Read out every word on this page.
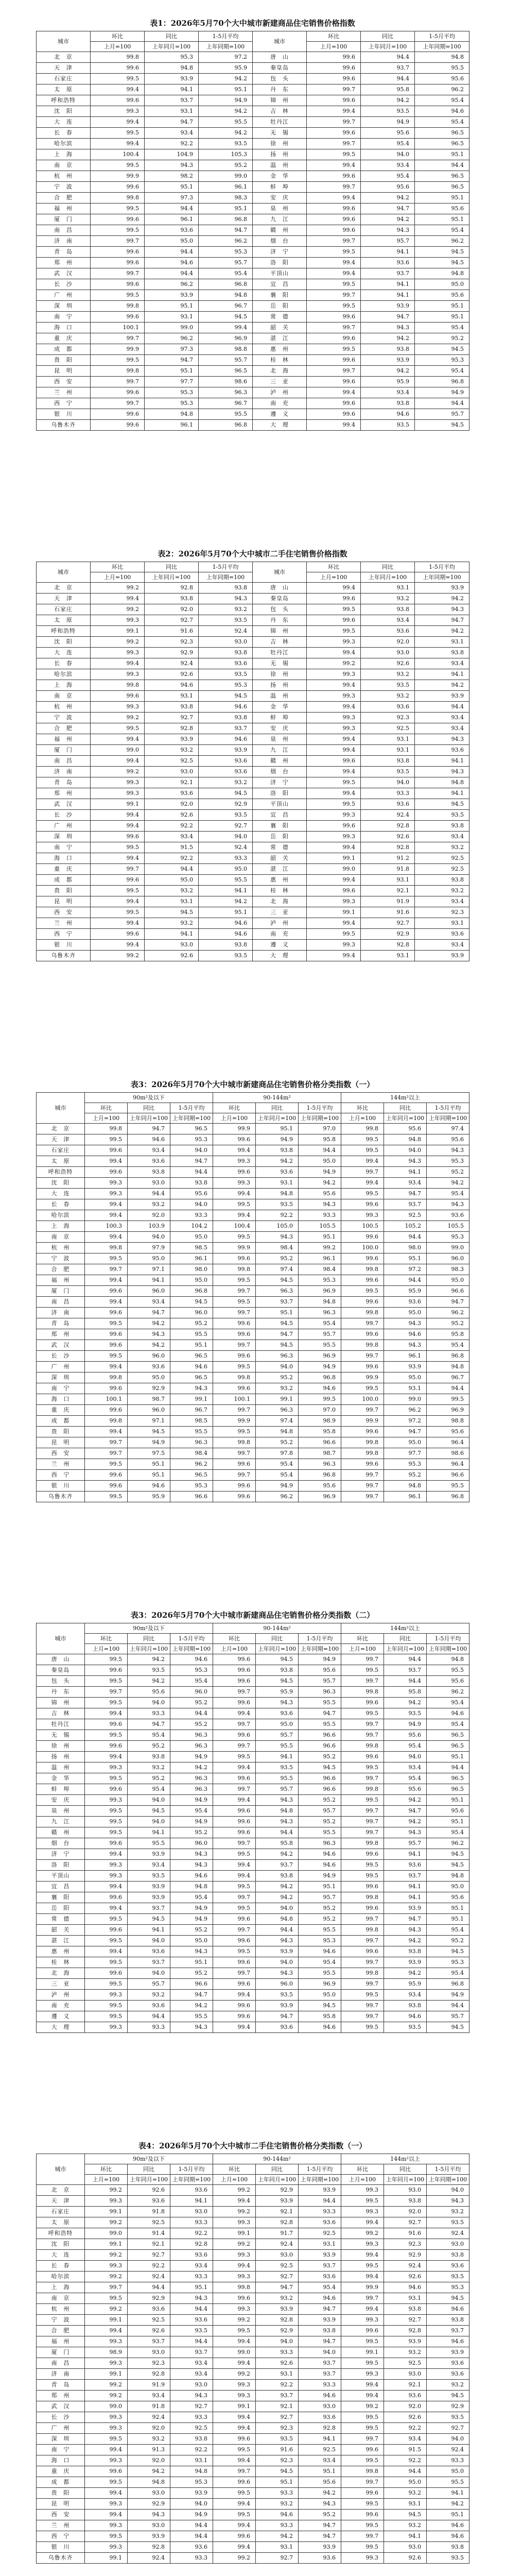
表1：2026年5月70个大中城市新建商品住宅销售价格指数
城市	环比	同比	1-5月平均	城市	环比	同比	1-5月平均
	上月=100	上年同月=100	上年同期=100		上月=100	上年同月=100	上年同期=100

北　京	99.8	95.3	97.2	唐　山	99.6	94.4	94.8
天　津	99.6	94.8	95.9	秦皇岛	99.6	93.7	95.5
石家庄	99.5	93.9	94.2	包　头	99.6	94.4	95.6
太　原	99.4	94.1	95.1	丹　东	99.7	95.8	96.2
呼和浩特	99.6	93.7	94.9	锦　州	99.6	94.2	95.4
沈　阳	99.3	93.1	94.2	吉　林	99.4	93.5	94.6
大　连	99.4	94.7	95.5	牡丹江	99.7	94.9	95.4
长　春	99.5	93.4	94.2	无　锡	99.6	95.6	96.5
哈尔滨	99.4	92.2	93.5	徐　州	99.7	95.4	96.5
上　海	100.4	104.9	105.3	扬　州	99.5	94.0	95.1
南　京	99.5	94.3	95.2	温　州	99.4	93.4	94.4
杭　州	99.9	98.2	99.0	金　华	99.6	95.4	96.5
宁　波	99.6	95.1	96.1	蚌　埠	99.7	95.6	96.5
合　肥	99.8	97.3	98.3	安　庆	99.4	94.2	95.1
福　州	99.5	94.4	95.1	泉　州	99.6	94.7	95.6
厦　门	99.6	96.1	96.8	九　江	99.6	94.2	95.1
南　昌	99.5	93.6	94.7	赣　州	99.6	94.3	95.4
济　南	99.7	95.0	96.2	烟　台	99.7	95.7	96.2
青　岛	99.6	94.4	95.3	济　宁	99.5	94.1	94.5
郑　州	99.6	94.6	95.7	洛　阳	99.4	93.6	94.5
武　汉	99.7	94.4	95.4	平顶山	99.4	93.7	94.8
长　沙	99.6	96.2	96.8	宜　昌	99.5	94.1	95.0
广　州	99.5	93.9	94.8	襄　阳	99.7	94.1	95.6
深　圳	99.8	95.1	96.7	岳　阳	99.5	93.9	95.1
南　宁	99.6	93.1	94.5	常　德	99.6	94.7	95.1
海　口	100.1	99.0	99.4	韶　关	99.7	94.3	95.4
重　庆	99.7	96.2	96.9	湛　江	99.6	94.2	95.2
成　都	99.9	97.3	98.8	惠　州	99.5	93.8	94.5
贵　阳	99.5	94.7	95.7	桂　林	99.6	93.9	95.3
昆　明	99.8	95.1	96.5	北　海	99.7	94.2	95.4
西　安	99.7	97.7	98.6	三　亚	99.6	95.9	96.8
兰　州	99.6	95.3	96.3	泸　州	99.4	93.4	94.9
西　宁	99.7	95.3	96.7	南　充	99.6	93.8	94.4
银　川	99.6	94.8	95.5	遵　义	99.6	94.6	95.7
乌鲁木齐	99.6	96.1	96.8	大　理	99.4	93.5	94.5
表2：2026年5月70个大中城市二手住宅销售价格指数
城市	环比	同比	1-5月平均	城市	环比	同比	1-5月平均
	上月=100	上年同月=100	上年同期=100		上月=100	上年同月=100	上年同期=100

北　京	99.2	92.8	93.8	唐　山	99.4	93.1	93.9
天　津	99.4	93.8	94.3	秦皇岛	99.6	93.2	94.2
石家庄	99.2	92.0	93.2	包　头	99.5	93.8	94.3
太　原	99.3	92.7	93.5	丹　东	99.6	93.4	94.7
呼和浩特	99.1	91.6	92.4	锦　州	99.5	93.6	94.2
沈　阳	99.2	92.3	93.0	吉　林	99.3	92.0	93.1
大　连	99.3	92.9	93.8	牡丹江	99.4	93.0	93.8
长　春	99.4	92.4	93.6	无　锡	99.2	92.6	93.4
哈尔滨	99.3	92.6	93.5	徐　州	99.3	93.2	94.1
上　海	99.8	94.6	95.3	扬　州	99.4	93.5	94.2
南　京	99.6	93.1	94.5	温　州	99.3	93.2	93.9
杭　州	99.3	93.8	94.6	金　华	99.4	93.6	94.4
宁　波	99.2	92.7	93.8	蚌　埠	99.3	92.3	93.4
合　肥	99.5	92.8	93.7	安　庆	99.3	92.5	93.4
福　州	99.4	93.9	94.6	泉　州	99.4	93.1	94.3
厦　门	99.0	93.2	93.9	九　江	99.4	93.1	93.6
南　昌	99.4	92.5	93.6	赣　州	99.6	93.8	94.1
济　南	99.2	93.0	93.6	烟　台	99.4	93.5	94.3
青　岛	99.3	92.1	93.2	济　宁	99.5	94.0	94.8
郑　州	99.3	93.6	94.5	洛　阳	99.4	93.3	94.1
武　汉	99.1	92.0	92.9	平顶山	99.5	93.6	94.5
长　沙	99.4	92.6	93.5	宜　昌	99.3	92.4	93.5
广　州	99.4	92.2	92.7	襄　阳	99.6	92.8	93.8
深　圳	99.6	93.4	94.0	岳　阳	99.3	92.6	93.4
南　宁	99.5	91.5	92.4	常　德	99.4	92.8	93.2
海　口	99.4	92.2	93.3	韶　关	99.1	91.2	92.5
重　庆	99.7	94.4	95.0	湛　江	99.0	91.8	92.5
成　都	99.6	95.0	95.5	惠　州	99.4	93.1	93.8
贵　阳	99.5	93.2	94.1	桂　林	99.6	92.1	93.2
昆　明	99.4	93.1	94.2	北　海	99.3	91.9	93.4
西　安	99.5	94.5	95.1	三　亚	99.1	91.6	92.3
兰　州	99.4	93.2	94.6	泸　州	99.4	92.7	93.1
西　宁	99.6	94.1	94.6	南　充	99.5	92.9	93.6
银　川	99.4	93.0	93.8	遵　义	99.3	92.8	93.4
乌鲁木齐	99.2	92.6	93.5	大　理	99.4	93.1	93.9
表3：2026年5月70个大中城市新建商品住宅销售价格分类指数（一）
城市	90m²及以下			90-144m²			144m²以上		
	环比	同比	1-5月平均	环比	同比	1-5月平均	环比	同比	1-5月平均
	上月=100	上年同月=100	上年同期=100	上月=100	上年同月=100	上年同期=100	上月=100	上年同月=100	上年同期=100

北　京	99.8	94.7	96.5	99.9	95.1	97.0	99.8	95.6	97.4
天　津	99.5	94.6	95.3	99.6	94.9	95.8	99.5	94.8	95.6
石家庄	99.6	93.4	94.0	99.4	93.8	94.4	99.5	94.0	94.3
太　原	99.4	93.6	94.7	99.3	94.2	95.0	99.4	94.3	95.3
呼和浩特	99.6	93.8	94.4	99.6	93.6	94.9	99.7	94.1	95.2
沈　阳	99.3	93.0	93.8	99.3	93.1	94.2	99.4	93.4	94.2
大　连	99.3	94.4	95.6	99.4	94.8	95.6	99.5	94.7	95.4
长　春	99.4	93.2	94.0	99.5	93.5	94.3	99.6	93.7	94.3
哈尔滨	99.4	92.0	93.3	99.4	92.2	93.3	99.3	92.5	93.6
上　海	100.3	103.9	104.2	100.4	105.0	105.5	100.5	105.2	105.5
南　京	99.4	94.0	95.0	99.5	94.3	95.1	99.6	94.4	95.3
杭　州	99.8	97.9	98.5	99.9	98.4	99.2	100.0	98.0	99.0
宁　波	99.5	95.0	96.1	99.6	95.2	96.1	99.6	95.1	96.0
合　肥	99.7	97.1	98.0	99.8	97.4	98.4	99.8	97.2	98.3
福　州	99.4	94.1	95.0	99.5	94.5	95.3	99.6	94.4	95.0
厦　门	99.6	96.0	96.8	99.7	96.3	96.9	99.5	95.9	96.6
南　昌	99.4	93.4	94.5	99.5	93.7	94.8	99.6	93.6	94.7
济　南	99.6	94.7	96.0	99.7	95.1	96.3	99.8	95.0	96.2
青　岛	99.5	94.2	95.2	99.6	94.5	95.4	99.7	94.3	95.2
郑　州	99.6	94.3	95.5	99.6	94.7	95.7	99.6	94.6	95.8
武　汉	99.6	94.2	95.1	99.7	94.5	95.5	99.8	94.3	95.4
长　沙	99.5	96.0	96.5	99.6	96.3	96.9	99.7	96.1	96.8
广　州	99.4	93.6	94.6	99.5	94.0	94.9	99.6	93.9	94.8
深　圳	99.8	95.0	96.5	99.8	95.2	96.8	99.9	95.0	96.7
南　宁	99.6	92.9	94.3	99.6	93.2	94.6	99.5	93.1	94.4
海　口	100.1	98.7	99.1	100.1	99.1	99.5	100.0	99.0	99.5
重　庆	99.6	96.0	96.7	99.7	96.3	97.0	99.7	96.2	96.9
成　都	99.8	97.1	98.5	99.9	97.4	98.9	99.9	97.2	98.8
贵　阳	99.4	94.5	95.5	99.5	94.8	95.8	99.6	94.7	95.6
昆　明	99.7	94.9	96.3	99.8	95.2	96.6	99.8	95.0	96.4
西　安	99.7	97.5	98.4	99.7	97.8	98.7	99.8	97.7	98.6
兰　州	99.5	95.1	96.2	99.6	95.4	96.3	99.6	95.3	96.4
西　宁	99.6	95.1	96.5	99.7	95.4	96.8	99.7	95.2	96.6
银　川	99.6	94.6	95.3	99.6	94.9	95.6	99.7	94.8	95.5
乌鲁木齐	99.5	95.9	96.6	99.6	96.2	96.9	99.7	96.1	96.8
表3：2026年5月70个大中城市新建商品住宅销售价格分类指数（二）
城市	90m²及以下			90-144m²			144m²以上		
	环比	同比	1-5月平均	环比	同比	1-5月平均	环比	同比	1-5月平均
	上月=100	上年同月=100	上年同期=100	上月=100	上年同月=100	上年同期=100	上月=100	上年同月=100	上年同期=100

唐　山	99.5	94.2	94.6	99.6	94.5	94.9	99.7	94.4	94.8
秦皇岛	99.6	93.5	95.3	99.6	93.8	95.6	99.5	93.7	95.5
包　头	99.5	94.2	95.4	99.6	94.5	95.7	99.7	94.4	95.6
丹　东	99.7	95.6	96.0	99.7	95.9	96.3	99.8	95.8	96.2
锦　州	99.5	94.0	95.2	99.6	94.3	95.5	99.6	94.2	95.4
吉　林	99.4	93.3	94.4	99.4	93.6	94.7	99.5	93.5	94.6
牡丹江	99.6	94.7	95.2	99.7	95.0	95.5	99.7	94.9	95.4
无　锡	99.5	95.4	96.3	99.6	95.7	96.6	99.7	95.6	96.5
徐　州	99.6	95.2	96.3	99.7	95.5	96.6	99.8	95.4	96.5
扬　州	99.4	93.8	94.9	99.5	94.1	95.2	99.6	94.0	95.1
温　州	99.3	93.2	94.2	99.4	93.5	94.5	99.5	93.4	94.4
金　华	99.5	95.2	96.3	99.6	95.5	96.6	99.7	95.4	96.5
蚌　埠	99.6	95.4	96.3	99.7	95.7	96.6	99.8	95.6	96.5
安　庆	99.3	94.0	94.9	99.4	94.3	95.2	99.5	94.2	95.1
泉　州	99.5	94.5	95.4	99.6	94.8	95.7	99.7	94.7	95.6
九　江	99.5	94.0	94.9	99.6	94.3	95.2	99.7	94.2	95.1
赣　州	99.5	94.1	95.2	99.6	94.4	95.5	99.7	94.3	95.4
烟　台	99.6	95.5	96.0	99.7	95.8	96.3	99.8	95.7	96.2
济　宁	99.4	93.9	94.3	99.5	94.2	94.6	99.6	94.1	94.5
洛　阳	99.3	93.4	94.3	99.4	93.7	94.6	99.5	93.6	94.5
平顶山	99.3	93.5	94.6	99.4	93.8	94.9	99.5	93.7	94.8
宜　昌	99.4	93.9	94.8	99.5	94.2	95.1	99.6	94.1	95.0
襄　阳	99.6	93.9	95.4	99.7	94.2	95.7	99.8	94.1	95.6
岳　阳	99.4	93.7	94.9	99.5	94.0	95.2	99.6	93.9	95.1
常　德	99.5	94.5	94.9	99.6	94.8	95.2	99.7	94.7	95.1
韶　关	99.6	94.1	95.2	99.7	94.4	95.5	99.8	94.3	95.4
湛　江	99.5	94.0	95.0	99.6	94.3	95.3	99.7	94.2	95.2
惠　州	99.4	93.6	94.3	99.5	93.9	94.6	99.6	93.8	94.5
桂　林	99.5	93.7	95.1	99.6	94.0	95.4	99.7	93.9	95.3
北　海	99.6	94.0	95.2	99.7	94.3	95.5	99.8	94.2	95.4
三　亚	99.5	95.7	96.6	99.6	96.0	96.9	99.7	95.9	96.8
泸　州	99.3	93.2	94.7	99.4	93.5	95.0	99.5	93.4	94.9
南　充	99.5	93.6	94.2	99.6	93.9	94.5	99.7	93.8	94.4
遵　义	99.5	94.4	95.5	99.6	94.7	95.8	99.7	94.6	95.7
大　理	99.3	93.3	94.3	99.4	93.6	94.6	99.5	93.5	94.5
表4：2026年5月70个大中城市二手住宅销售价格分类指数（一）
城市	90m²及以下			90-144m²			144m²以上		
	环比	同比	1-5月平均	环比	同比	1-5月平均	环比	同比	1-5月平均
	上月=100	上年同月=100	上年同期=100	上月=100	上年同月=100	上年同期=100	上月=100	上年同月=100	上年同期=100

北　京	99.2	92.6	93.6	99.2	92.9	93.9	99.3	93.0	94.0
天　津	99.3	93.6	94.1	99.4	93.9	94.4	99.5	93.8	94.3
石家庄	99.1	91.8	93.0	99.2	92.1	93.3	99.3	92.0	93.2
太　原	99.2	92.5	93.3	99.3	92.8	93.6	99.4	92.7	93.5
呼和浩特	99.0	91.4	92.2	99.1	91.7	92.5	99.2	91.6	92.4
沈　阳	99.1	92.1	92.8	99.2	92.4	93.1	99.3	92.3	93.0
大　连	99.2	92.7	93.6	99.3	93.0	93.9	99.4	92.9	93.8
长　春	99.3	92.2	93.4	99.4	92.5	93.7	99.5	92.4	93.6
哈尔滨	99.2	92.4	93.3	99.3	92.7	93.6	99.4	92.6	93.5
上　海	99.7	94.4	95.1	99.8	94.7	95.4	99.9	94.6	95.3
南　京	99.5	92.9	94.3	99.6	93.2	94.6	99.7	93.1	94.5
杭　州	99.2	93.6	94.4	99.3	93.9	94.7	99.4	93.8	94.6
宁　波	99.1	92.5	93.6	99.2	92.8	93.9	99.3	92.7	93.8
合　肥	99.4	92.6	93.5	99.5	92.9	93.8	99.6	92.8	93.7
福　州	99.3	93.7	94.4	99.4	94.0	94.7	99.5	93.9	94.6
厦　门	98.9	93.0	93.7	99.0	93.3	94.0	99.1	93.2	93.9
南　昌	99.3	92.3	93.4	99.4	92.6	93.7	99.5	92.5	93.6
济　南	99.1	92.8	93.4	99.2	93.1	93.7	99.3	93.0	93.6
青　岛	99.2	91.9	93.0	99.3	92.2	93.3	99.4	92.1	93.2
郑　州	99.2	93.4	94.3	99.3	93.7	94.6	99.4	93.6	94.5
武　汉	99.0	91.8	92.7	99.1	92.1	93.0	99.2	92.0	92.9
长　沙	99.3	92.4	93.3	99.4	92.7	93.6	99.5	92.6	93.5
广　州	99.3	92.0	92.5	99.4	92.3	92.8	99.5	92.2	92.7
深　圳	99.5	93.2	93.8	99.6	93.5	94.1	99.7	93.4	94.0
南　宁	99.4	91.3	92.2	99.5	91.6	92.5	99.6	91.5	92.4
海　口	99.3	92.0	93.1	99.4	92.3	93.4	99.5	92.2	93.3
重　庆	99.6	94.2	94.8	99.7	94.5	95.1	99.8	94.4	95.0
成　都	99.5	94.8	95.3	99.6	95.1	95.6	99.7	95.0	95.5
贵　阳	99.4	93.0	93.9	99.5	93.3	94.2	99.6	93.2	94.1
昆　明	99.3	92.9	94.0	99.4	93.2	94.3	99.5	93.1	94.2
西　安	99.4	94.3	94.9	99.5	94.6	95.2	99.6	94.5	95.1
兰　州	99.3	93.0	94.4	99.4	93.3	94.7	99.5	93.2	94.6
西　宁	99.5	93.9	94.4	99.6	94.2	94.7	99.7	94.1	94.6
银　川	99.3	92.8	93.6	99.4	93.1	93.9	99.5	93.0	93.8
乌鲁木齐	99.1	92.4	93.3	99.2	92.7	93.6	99.3	92.6	93.5
